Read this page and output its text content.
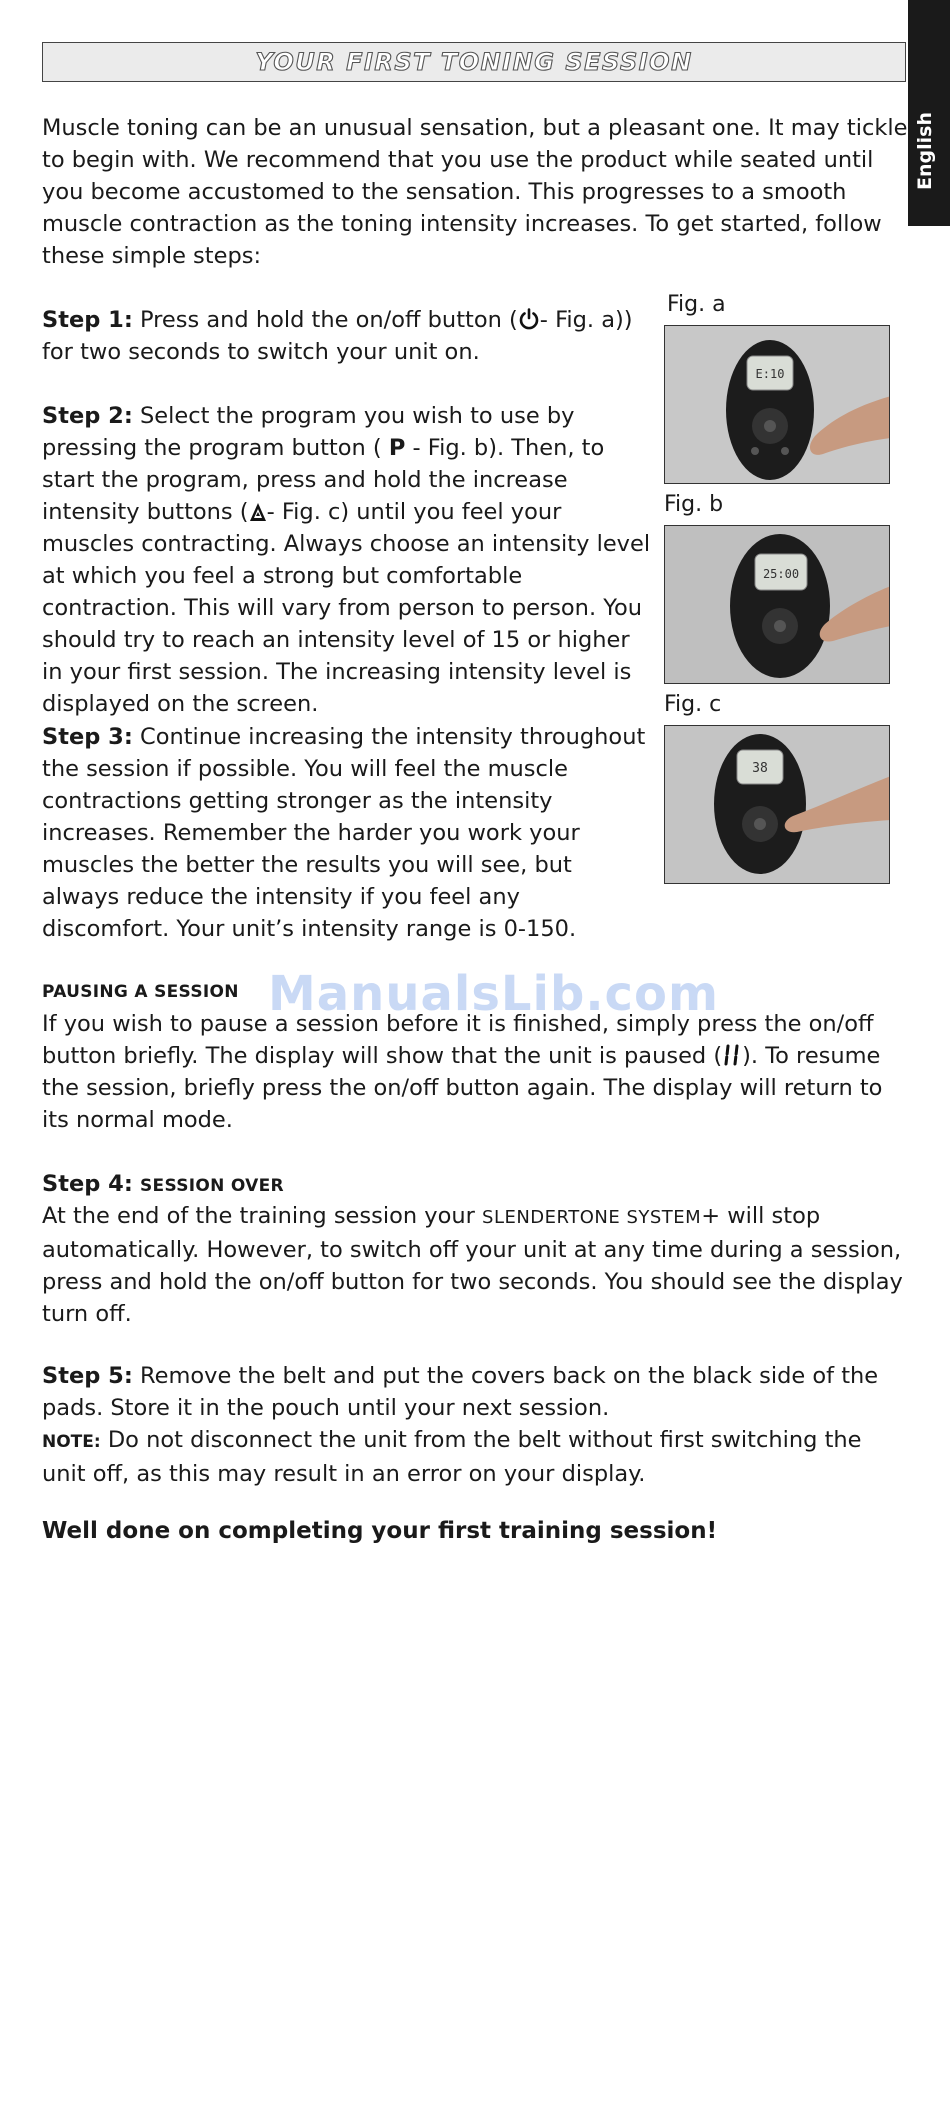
YOUR FIRST TONING SESSION
English

Muscle toning can be an unusual sensation, but a pleasant one. It may tickle to begin with. We recommend that you use the product while seated until you become accustomed to the sensation. This progresses to a smooth muscle contraction as the toning intensity increases. To get started, follow these simple steps:

Step 1: Press and hold the on/off button ( - Fig. a)) for two seconds to switch your unit on.

Step 2: Select the program you wish to use by pressing the program button ( P - Fig. b). Then, to start the program, press and hold the increase intensity buttons ( - Fig. c) until you feel your muscles contracting. Always choose an intensity level at which you feel a strong but comfortable contraction. This will vary from person to person. You should try to reach an intensity level of 15 or higher in your first session. The increasing intensity level is displayed on the screen.

Step 3: Continue increasing the intensity throughout the session if possible. You will feel the muscle contractions getting stronger as the intensity increases. Remember the harder you work your muscles the better the results you will see, but always reduce the intensity if you feel any discomfort. Your unit’s intensity range is 0-150.

PAUSING A SESSION

If you wish to pause a session before it is finished, simply press the on/off button briefly. The display will show that the unit is paused ( ). To resume the session, briefly press the on/off button again. The display will return to its normal mode.

Step 4: SESSION OVER

At the end of the training session your SLENDERTONE SYSTEM+ will stop automatically. However, to switch off your unit at any time during a session, press and hold the on/off button for two seconds. You should see the display turn off.

Step 5: Remove the belt and put the covers back on the black side of the pads. Store it in the pouch until your next session.

NOTE: Do not disconnect the unit from the belt without first switching the unit off, as this may result in an error on your display.

Well done on completing your first training session!
ManualsLib.com
Fig. a
E:10
Fig. b
25:00
Fig. c
38
